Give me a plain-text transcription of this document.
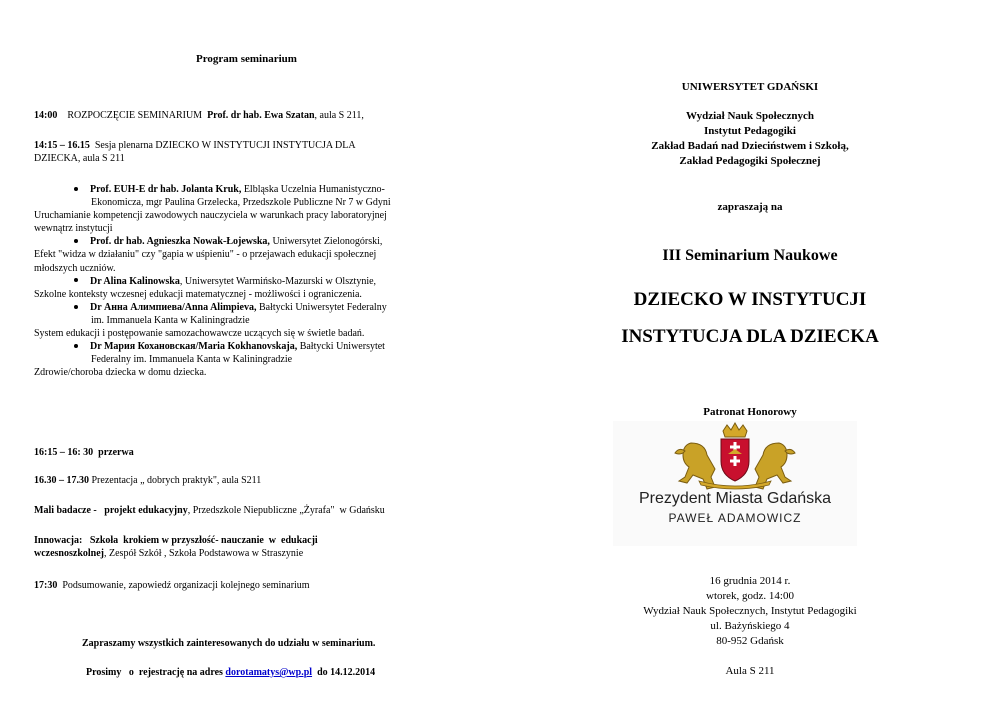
Program seminarium
14:00 ROZPOCZĘCIE SEMINARIUM Prof. dr hab. Ewa Szatan, aula S 211,
14:15 – 16.15 Sesja plenarna DZIECKO W INSTYTUCJI INSTYTUCJA DLA
DZIECKA, aula S 211
Prof. EUH-E dr hab. Jolanta Kruk, Elbląska Uczelnia Humanistyczno-
Ekonomicza, mgr Paulina Grzelecka, Przedszkole Publiczne Nr 7 w Gdyni
Uruchamianie kompetencji zawodowych nauczyciela w warunkach pracy laboratoryjnej
wewnątrz instytucji
Prof. dr hab. Agnieszka Nowak-Łojewska, Uniwersytet Zielonogórski,
Efekt "widza w działaniu" czy "gapia w uśpieniu" - o przejawach edukacji społecznej
młodszych uczniów.
Dr Alina Kalinowska, Uniwersytet Warmińsko-Mazurski w Olsztynie,
Szkolne konteksty wczesnej edukacji matematycznej - możliwości i ograniczenia.
Dr Анна Алимпиева/Anna Alimpieva, Bałtycki Uniwersytet Federalny
im. Immanuela Kanta w Kaliningradzie
System edukacji i postępowanie samozachowawcze uczących się w świetle badań.
Dr Мария Кохановская/Maria Kokhanovskaja, Bałtycki Uniwersytet
Federalny im. Immanuela Kanta w Kaliningradzie
Zdrowie/choroba dziecka w domu dziecka.
16:15 – 16: 30  przerwa
16.30 – 17.30 Prezentacja „ dobrych praktyk", aula S211
Mali badacze -   projekt edukacyjny, Przedszkole Niepubliczne „Żyrafa"  w Gdańsku
Innowacja:   Szkoła  krokiem w przyszłość- nauczanie  w  edukacji
wczesnoszkolnej, Zespół Szkół , Szkoła Podstawowa w Straszynie
17:30 Podsumowanie, zapowiedź organizacji kolejnego seminarium
Zapraszamy wszystkich zainteresowanych do udziału w seminarium.
Prosimy   o  rejestrację na adres dorotamatys@wp.pl  do 14.12.2014
UNIWERSYTET GDAŃSKI
Wydział Nauk Społecznych
Instytut Pedagogiki
Zakład Badań nad Dzieciństwem i Szkołą,
Zakład Pedagogiki Społecznej
zapraszają na
III Seminarium Naukowe
DZIECKO W INSTYTUCJI
INSTYTUCJA DLA DZIECKA
Patronat Honorowy
16 grudnia 2014 r.
wtorek, godz. 14:00
Wydział Nauk Społecznych, Instytut Pedagogiki
ul. Bażyńskiego 4
80-952 Gdańsk
Aula S 211
Prezydent Miasta Gdańska
PAWEŁ ADAMOWICZ
